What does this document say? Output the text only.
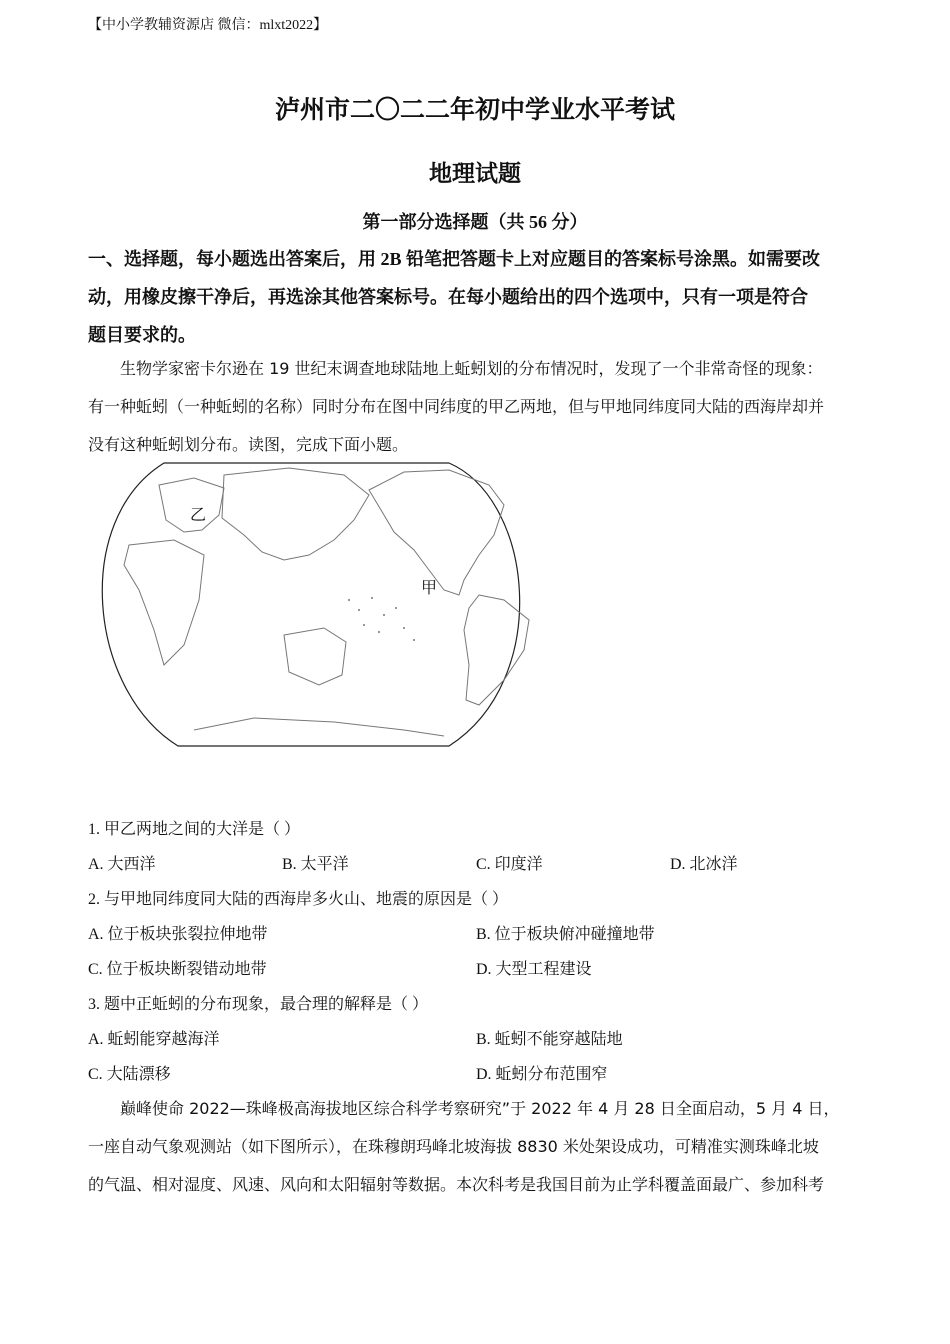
【中小学教辅资源店 微信：mlxt2022】
泸州市二〇二二年初中学业水平考试
地理试题
第一部分选择题（共 56 分）
一、选择题，每小题选出答案后，用 2B 铅笔把答题卡上对应题目的答案标号涂黑。如需要改
动，用橡皮擦干净后，再选涂其他答案标号。在每小题给出的四个选项中，只有一项是符合
题目要求的。
生物学家密卡尔逊在 19 世纪末调查地球陆地上蚯蚓划的分布情况时，发现了一个非常奇怪的现象：
有一种蚯蚓（一种蚯蚓的名称）同时分布在图中同纬度的甲乙两地，但与甲地同纬度同大陆的西海岸却并
没有这种蚯蚓划分布。读图，完成下面小题。
乙
甲
1. 甲乙两地之间的大洋是（ ）
A. 大西洋	B. 太平洋	C. 印度洋	D. 北冰洋
2. 与甲地同纬度同大陆的西海岸多火山、地震的原因是（ ）
A. 位于板块张裂拉伸地带	B. 位于板块俯冲碰撞地带
C. 位于板块断裂错动地带	D. 大型工程建设
3. 题中正蚯蚓的分布现象，最合理的解释是（ ）
A. 蚯蚓能穿越海洋	B. 蚯蚓不能穿越陆地
C. 大陆漂移	D. 蚯蚓分布范围窄
巅峰使命 2022—珠峰极高海拔地区综合科学考察研究”于 2022 年 4 月 28 日全面启动，5 月 4 日，
一座自动气象观测站（如下图所示），在珠穆朗玛峰北坡海拔 8830 米处架设成功，可精准实测珠峰北坡
的气温、相对湿度、风速、风向和太阳辐射等数据。本次科考是我国目前为止学科覆盖面最广、参加科考
